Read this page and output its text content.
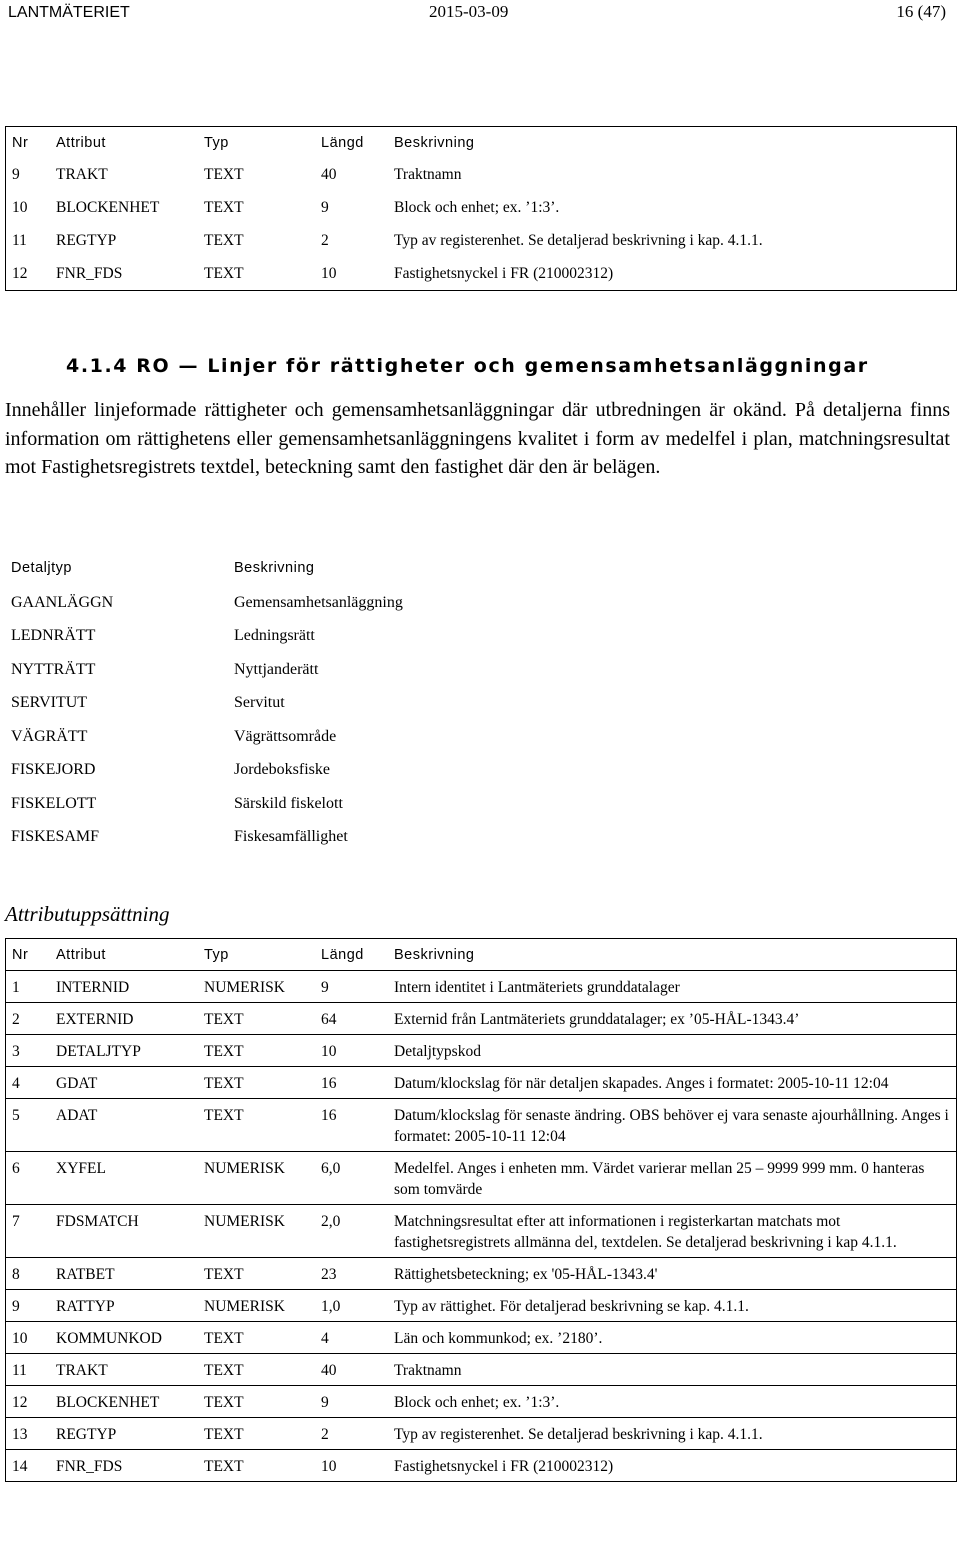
LANTMÄTERIET	2015-03-09	16 (47)
Nr	Attribut	Typ	Längd	Beskrivning
9	TRAKT	TEXT	40	Traktnamn
10	BLOCKENHET	TEXT	9	Block och enhet; ex. ’1:3’.
11	REGTYP	TEXT	2	Typ av registerenhet. Se detaljerad beskrivning i kap. 4.1.1.
12	FNR_FDS	TEXT	10	Fastighetsnyckel i FR (210002312)
4.1.4 RO — Linjer för rättigheter och gemensamhetsanläggningar
Innehåller linjeformade rättigheter och gemensamhetsanläggningar där utbredningen är okänd. På detaljerna finns information om rättighetens eller gemensamhetsanläggningens kvalitet i form av medelfel i plan, matchningsresultat mot Fastighetsregistrets textdel, beteckning samt den fastighet där den är belägen.
Detaljtyp	Beskrivning
GAANLÄGGN	Gemensamhetsanläggning
LEDNRÄTT	Ledningsrätt
NYTTRÄTT	Nyttjanderätt
SERVITUT	Servitut
VÄGRÄTT	Vägrättsområde
FISKEJORD	Jordeboksfiske
FISKELOTT	Särskild fiskelott
FISKESAMF	Fiskesamfällighet
Attributuppsättning
Nr	Attribut	Typ	Längd	Beskrivning
1	INTERNID	NUMERISK	9	Intern identitet i Lantmäteriets grunddatalager
2	EXTERNID	TEXT	64	Externid från Lantmäteriets grunddatalager; ex ’05-HÅL-1343.4’
3	DETALJTYP	TEXT	10	Detaljtypskod
4	GDAT	TEXT	16	Datum/klockslag för när detaljen skapades. Anges i formatet: 2005-10-11 12:04
5	ADAT	TEXT	16	Datum/klockslag för senaste ändring. OBS behöver ej vara senaste ajourhållning. Anges i formatet: 2005-10-11 12:04
6	XYFEL	NUMERISK	6,0	Medelfel. Anges i enheten mm. Värdet varierar mellan 25 – 9999 999 mm. 0 hanteras som tomvärde
7	FDSMATCH	NUMERISK	2,0	Matchningsresultat efter att informationen i registerkartan matchats mot fastighetsregistrets allmänna del, textdelen. Se detaljerad beskrivning i kap 4.1.1.
8	RATBET	TEXT	23	Rättighetsbeteckning; ex '05-HÅL-1343.4'
9	RATTYP	NUMERISK	1,0	Typ av rättighet. För detaljerad beskrivning se kap. 4.1.1.
10	KOMMUNKOD	TEXT	4	Län och kommunkod; ex. ’2180’.
11	TRAKT	TEXT	40	Traktnamn
12	BLOCKENHET	TEXT	9	Block och enhet; ex. ’1:3’.
13	REGTYP	TEXT	2	Typ av registerenhet. Se detaljerad beskrivning i kap. 4.1.1.
14	FNR_FDS	TEXT	10	Fastighetsnyckel i FR (210002312)
